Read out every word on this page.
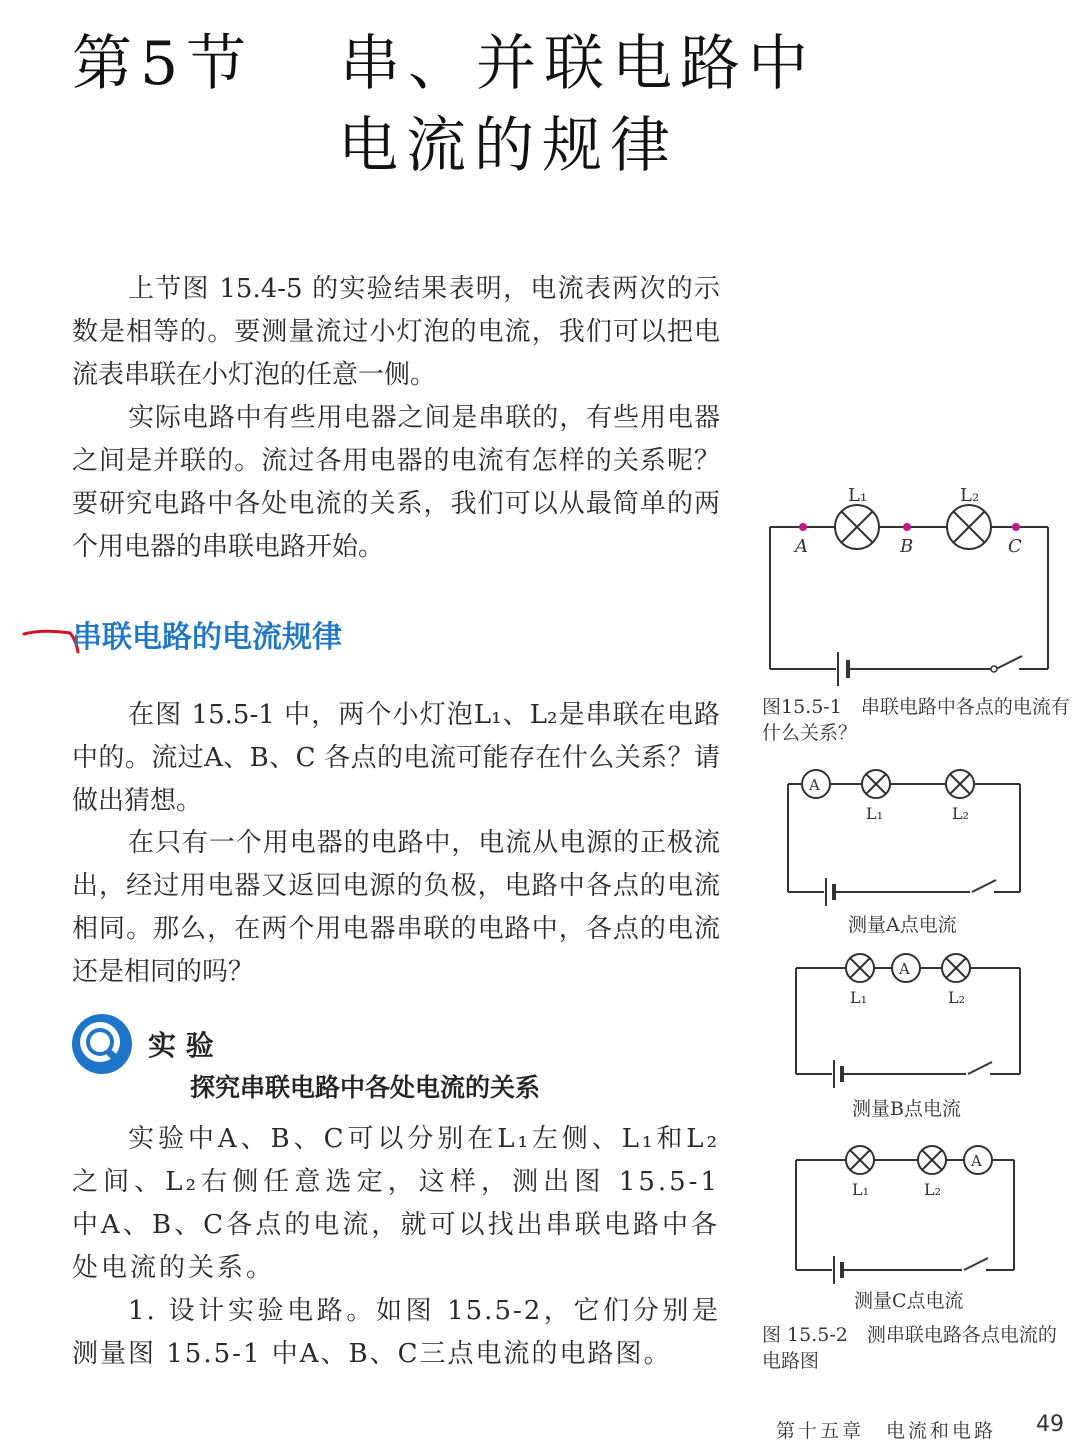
第5节 串、并联电路中
电流的规律
上节图 15.4-5 的实验结果表明，电流表两次的示数是相等的。要测量流过小灯泡的电流，我们可以把电流表串联在小灯泡的任意一侧。
实际电路中有些用电器之间是串联的，有些用电器之间是并联的。流过各用电器的电流有怎样的关系呢？要研究电路中各处电流的关系，我们可以从最简单的两个用电器的串联电路开始。
串联电路的电流规律
在图 15.5-1 中，两个小灯泡L₁、L₂是串联在电路中的。流过A、B、C 各点的电流可能存在什么关系？请做出猜想。
在只有一个用电器的电路中，电流从电源的正极流出，经过用电器又返回电源的负极，电路中各点的电流相同。那么，在两个用电器串联的电路中，各点的电流还是相同的吗？
实 验
探究串联电路中各处电流的关系
实验中A、B、C可以分别在L₁左侧、L₁和L₂之间、L₂右侧任意选定，这样，测出图 15.5-1 中A、B、C各点的电流，就可以找出串联电路中各处电流的关系。
1. 设计实验电路。如图 15.5-2，它们分别是测量图 15.5-1 中A、B、C三点电流的电路图。
L₁	L₂
A	B	C
图15.5-1　串联电路中各点的电流有什么关系？
A
L₁	L₂
测量A点电流
A
L₁	L₂
测量B点电流
A
L₁	L₂
测量C点电流
图 15.5-2　测串联电路各点电流的电路图
第十五章　电流和电路 49
